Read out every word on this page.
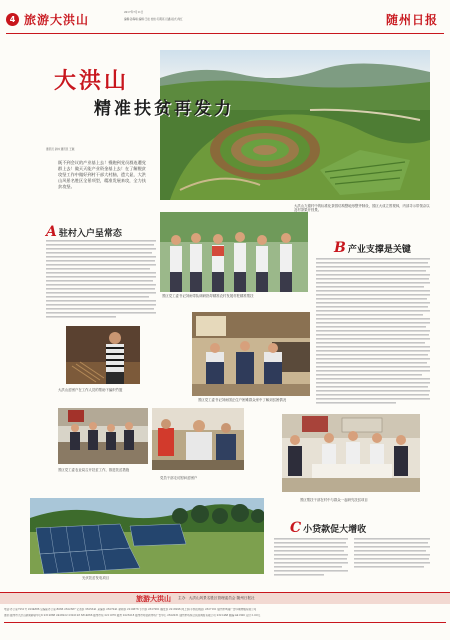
4 旅游大洪山
2017年7月11日
编辑:孙海峰 编辑:王松 校检:毛明亮 衍鑫 接式:尚红	随州日报
大洪山
精准扶贫再发力
通讯员 余林 通讯员 王献
既不到会议的产业基上去！慢跑到党员群连遭党群上去！做天天能产业资金基上去！在了解脱贫攻坚工作中做好到村干部大村脑，遗大显，大洪山风景名胜区全景项型，精准发展来攻，全力扶贫攻坚。
大洪山九德村中的标准化茶园结构整地形整齐制设，园区大成立景观林，内部寻示带领杂以及村茶果开枝景。
A驻村入户呈常态
景区党工委书记刘雨带队调研指导精准农村发展村驻精准帮扶
B产业支撑是关键
景区党工委书记刘雨国正住户困难群众家中了解到贫困情况
大洪山贫困户在工作人员的帮助下编织竹篮
景区党工委农业局召开扶贫工作，推进扶贫措施
党员干部走访慰问贫困户
景区帮扶干部在村中与群众一起研究扶贫项目
光伏扶贫发电项目
C小贷款促大增收
旅游大洪山 主办：大洪山风景名胜区管理委员会 随州日报社
电话:办公室7251号 2234886 总编室办公室:8066 2322387 记者部 3325541 采编部 2327041 新闻部 2219676 专刊部 2327061 播发部 2218296 网上部(手机报网站) 2327161 随州市城南广告印刷物服有限公司
通讯:随州市大洪山新闻新联中心6 2312888 2428222 2322128 3814666 随州市东 2211076 随州 2223218 随州市场营新市场广告中心 2322031 随州市场综合民政调度有限公司 2321468 邮编:441300 定价:1.00元
